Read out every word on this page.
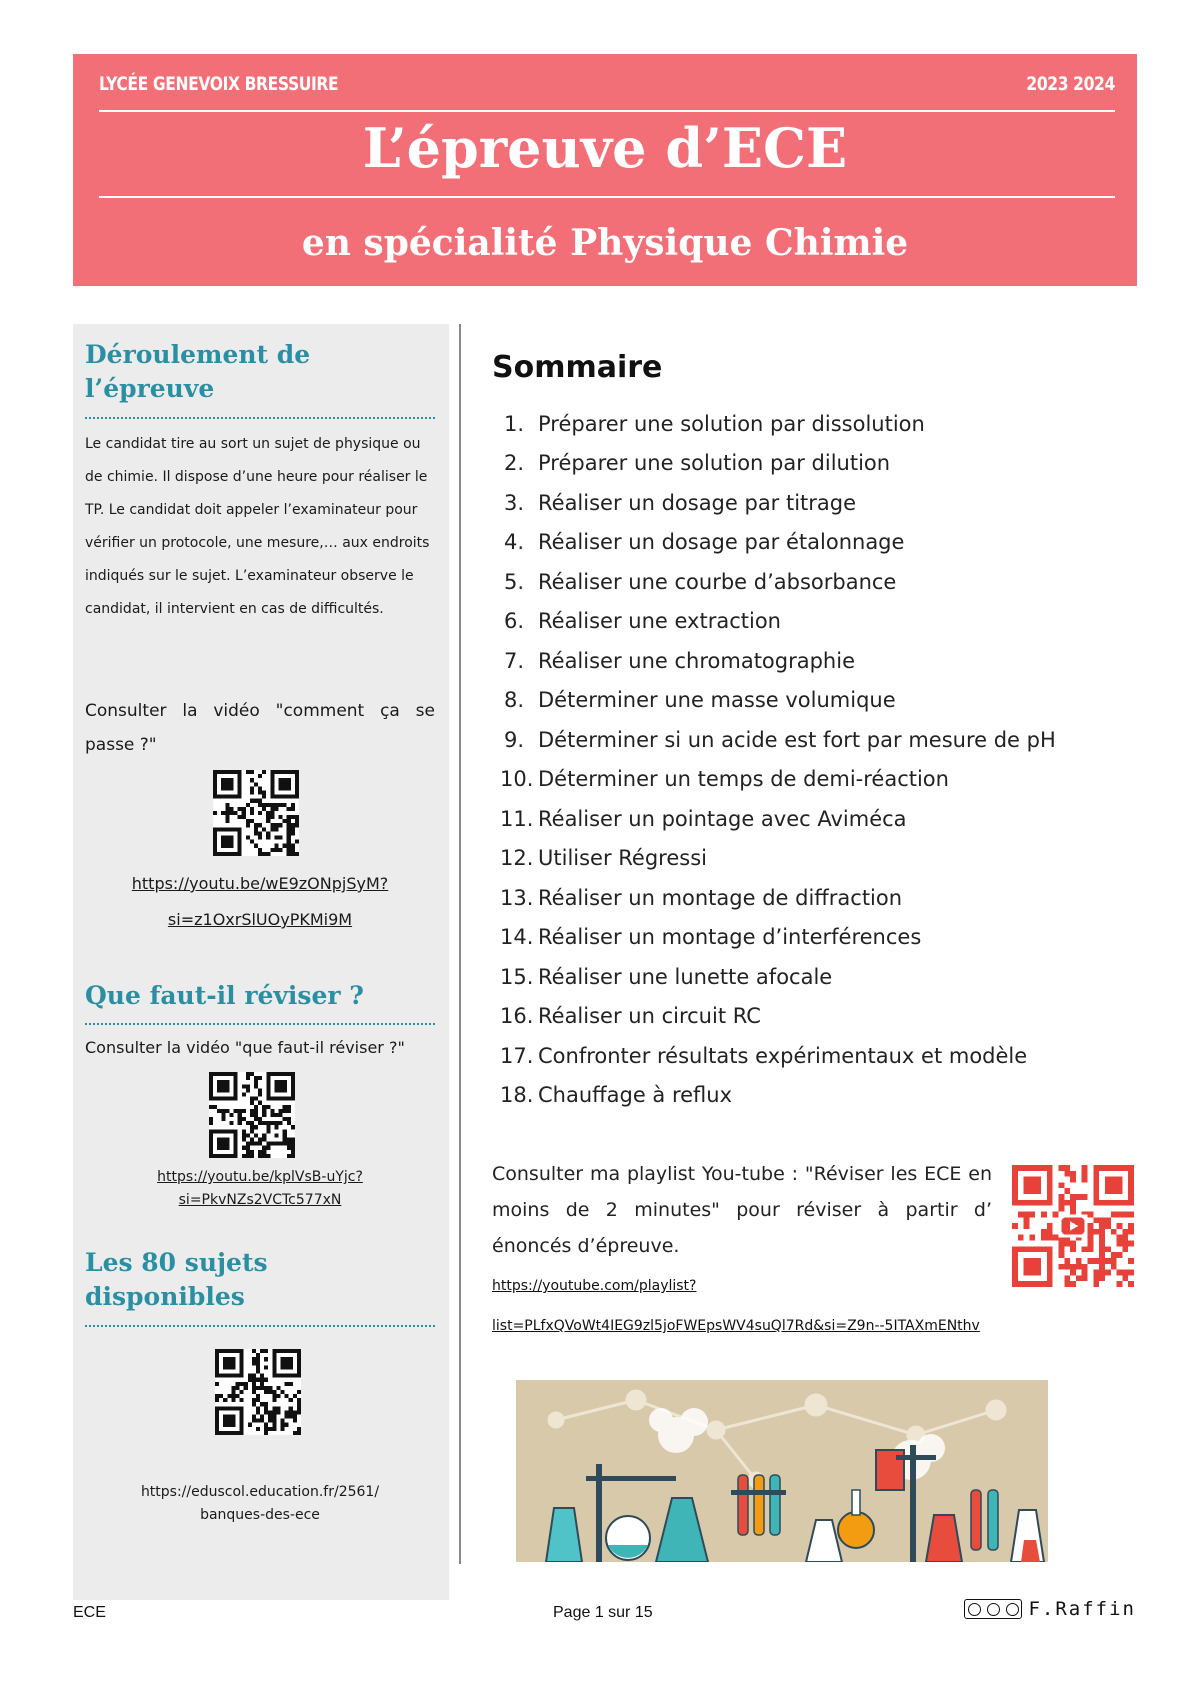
LYCÉE GENEVOIX BRESSUIRE	2023 2024
L’épreuve d’ECE
en spécialité Physique Chimie
Déroulement de
l’épreuve
Le candidat tire au sort un sujet de physique ou de chimie. Il dispose d’une heure pour réaliser le TP. Le candidat doit appeler l’examinateur pour vérifier un protocole, une mesure,… aux endroits indiqués sur le sujet. L’examinateur observe le candidat, il intervient en cas de difficultés.
Consulter la vidéo "comment ça se passe ?"
https://youtu.be/wE9zONpjSyM?
si=z1OxrSlUOyPKMi9M
Que faut-il réviser ?
Consulter la vidéo "que faut-il réviser ?"
https://youtu.be/kplVsB-uYjc?
si=PkvNZs2VCTc577xN
Les 80 sujets
disponibles
https://eduscol.education.fr/2561/
banques-des-ece
Sommaire
1. Préparer une solution par dissolution
2. Préparer une solution par dilution
3. Réaliser un dosage par titrage
4. Réaliser un dosage par étalonnage
5. Réaliser une courbe d’absorbance
6. Réaliser une extraction
7. Réaliser une chromatographie
8. Déterminer une masse volumique
9. Déterminer si un acide est fort par mesure de pH
10. Déterminer un temps de demi-réaction
11. Réaliser un pointage avec Aviméca
12. Utiliser Régressi
13. Réaliser un montage de diffraction
14. Réaliser un montage d’interférences
15. Réaliser une lunette afocale
16. Réaliser un circuit RC
17. Confronter résultats expérimentaux et modèle
18. Chauffage à reflux
Consulter ma playlist You-tube : "Réviser les ECE en moins de 2 minutes" pour réviser à partir d’ énoncés d’épreuve.
https://youtube.com/playlist?
list=PLfxQVoWt4IEG9zl5joFWEpsWV4suQl7Rd&si=Z9n--5ITAXmENthv
ECE	Page 1 sur 15	F.Raffin
